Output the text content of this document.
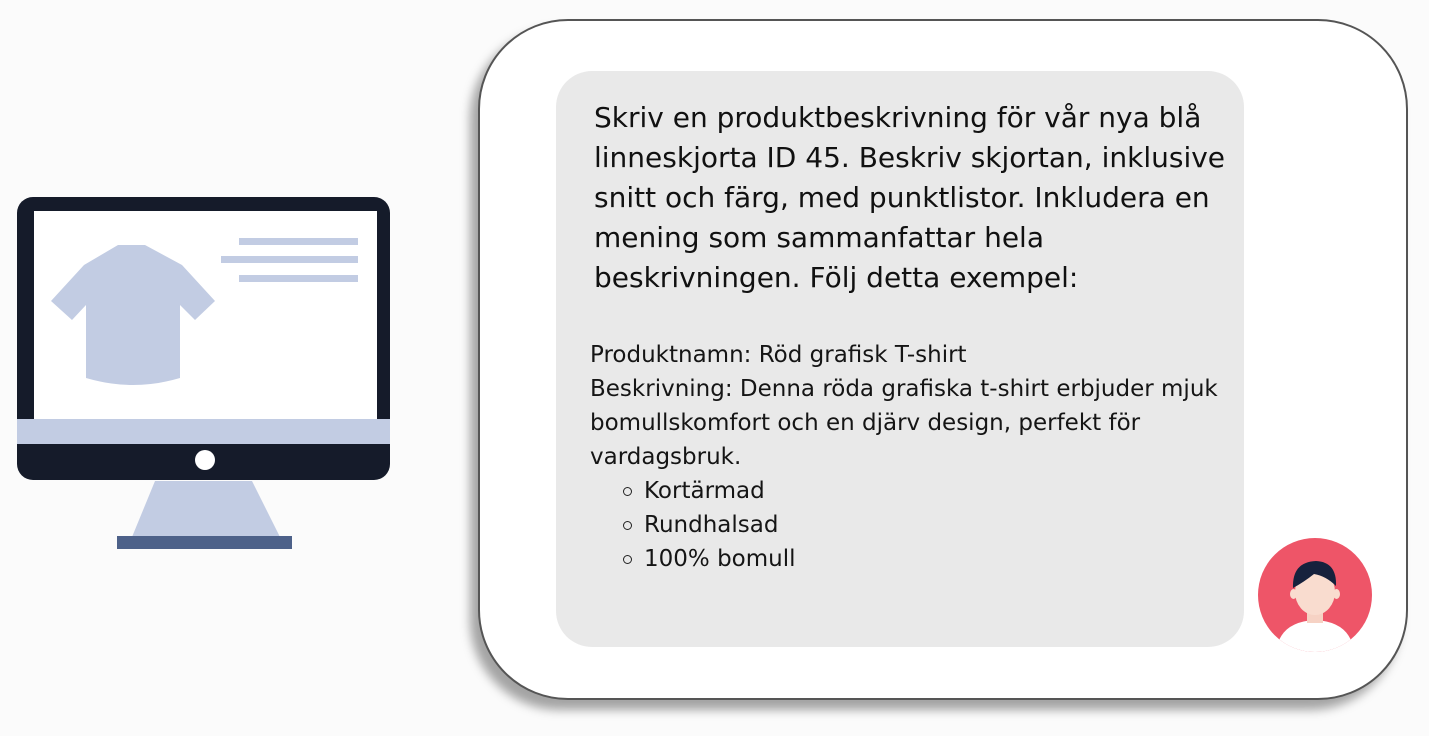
Skriv en produktbeskrivning för vår nya blå linneskjorta ID 45. Beskriv skjortan, inklusive snitt och färg, med punktlistor. Inkludera en mening som sammanfattar hela beskrivningen. Följ detta exempel:

Produktnamn: Röd grafisk T-shirt

Beskrivning: Denna röda grafiska t-shirt erbjuder mjuk bomullskomfort och en djärv design, perfekt för vardagsbruk.

Kortärmad
Rundhalsad
100% bomull
